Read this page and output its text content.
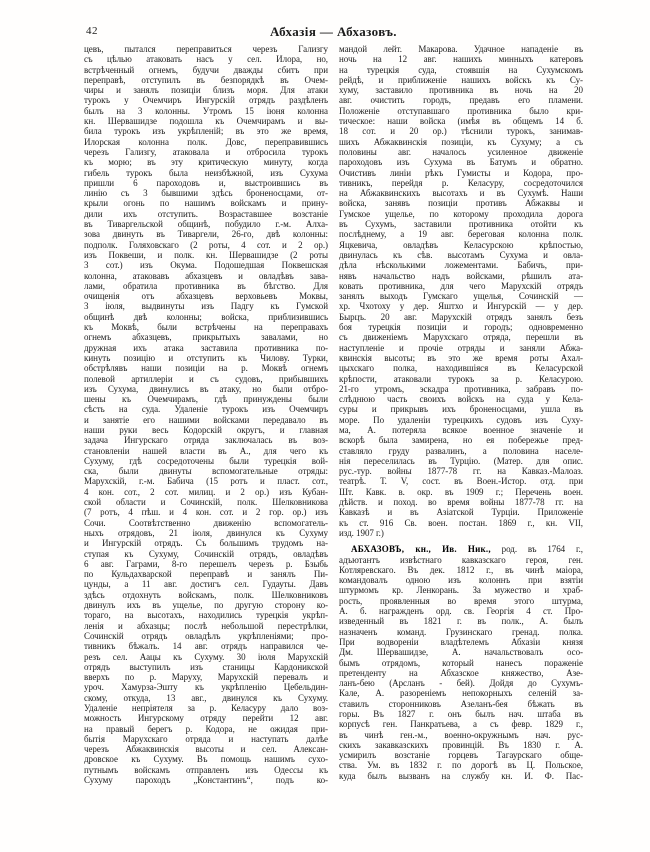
42	Абхазія — Абхазовъ.
цевъ, пытался переправиться черезъ Гализгу
съ цѣлью атаковать насъ у сел. Илора, но,
встрѣченный огнемъ, будучи дважды сбитъ при
переправѣ, отступилъ въ безпорядкѣ въ Очем-
чиры и занялъ позиціи близъ моря. Для атаки
турокъ у Очемчиръ Ингурскій отрядъ раздѣленъ
былъ на 3 колонны. Утромъ 15 іюня колонна
кн. Шервашидзе подошла къ Очемчирамъ и вы-
била турокъ изъ укрѣпленій; въ это же время,
Илорская колонна полк. Довс, переправившись
черезъ Гализгу, атаковала и отбросила турокъ
къ морю; въ эту критическую минуту, когда
гибель турокъ была неизбѣжной, изъ Сухума
пришли 6 пароходовъ и, выстроившись въ
линію съ 3 бывшими здѣсь броненосцами, от-
крыли огонь по нашимъ войскамъ и прину-
дили ихъ отступить. Возраставшее возстаніе
въ Тиваргельской общинѣ, побудило г.-м. Алха-
зова двинуть въ Тиваргели, 26-го, двѣ колонны:
подполк. Голяховскаго (2 роты, 4 сот. и 2 ор.)
изъ Поквеши, и полк. кн. Шервашидзе (2 роты
3 сот.) изъ Окума. Подошедшая Поквешская
колонна, атаковавъ абхазцевъ и овладѣвъ зава-
лами, обратила противника въ бѣгство. Для
очищенія отъ абхазцевъ верховьевъ Моквы,
3 іюля, выдвинуты изъ Падгу къ Гумской
общинѣ двѣ колонны; войска, приблизившись
къ Моквѣ, были встрѣчены на переправахъ
огнемъ абхазцевъ, прикрытыхъ завалами, но
дружная ихъ атака заставила противника по-
кинуть позицію и отступить къ Чилову. Турки,
обстрѣлявъ наши позиціи на р. Моквѣ огнемъ
полевой артиллеріи и съ судовъ, прибывшихъ
изъ Сухума, двинулись въ атаку, но были отбро-
шены къ Очемчирамъ, гдѣ принуждены были
сѣсть на суда. Удаленіе турокъ изъ Очемчиръ
и занятіе его нашими войсками передавало въ
наши руки весь Кодорскій округъ, и главная
задача Ингурскаго отряда заключалась въ воз-
становленіи нашей власти въ А., для чего къ
Сухуму, гдѣ сосредоточены были турецкія вой-
ска, были двинуты вспомогательные отряды:
Марухскій, г.-м. Бабича (15 ротъ и пласт. сот.,
4 кон. сот., 2 сот. милиц. и 2 ор.) изъ Кубан-
ской области и Сочинскій, полк. Шелковникова
(7 ротъ, 4 пѣш. и 4 кон. сот. и 2 гор. ор.) изъ
Сочи. Соотвѣтственно движенію вспомогатель-
ныхъ отрядовъ, 21 іюля, двинулся къ Сухуму
и Ингурскій отрядъ. Съ большимъ трудомъ на-
ступая къ Сухуму, Сочинскій отрядъ, овладѣвъ
6 авг. Гаграми, 8-го перешелъ черезъ р. Бзыбь
по Кульдахварской переправѣ и занялъ Пи-
цунды, а 11 авг. достигъ сел. Гудауты. Давъ
здѣсь отдохнуть войскамъ, полк. Шелковниковъ
двинулъ ихъ въ ущелье, по другую сторону ко-
тораго, на высотахъ, находились турецкія укрѣп-
ленія и абхазцы; послѣ небольшой перестрѣлки,
Сочинскій отрядъ овладѣлъ укрѣпленіями; про-
тивникъ бѣжалъ. 14 авг. отрядъ направился че-
резъ сел. Аацы къ Сухуму. 30 іюля Марухскій
отрядъ выступилъ изъ станицы Кардоникской
вверхъ по р. Маруху, Марухскій перевалъ и
уроч. Хамурза-Эшту къ укрѣпленію Цебельдин-
скому, откуда, 13 авг., двинулся къ Сухуму.
Удаленіе непріятеля за р. Келасуру дало воз-
можность Ингурскому отряду перейти 12 авг.
на правый берегъ р. Кодора, не ожидая при-
бытія Марухскаго отряда и наступать далѣе
черезъ Абжаквинскія высоты и сел. Алексан-
дровское къ Сухуму. Въ помощь нашимъ сухо-
путнымъ войскамъ отправленъ изъ Одессы къ
Сухуму пароходъ „Константинъ“, подъ ко-
мандой лейт. Макарова. Удачное нападеніе въ
ночь на 12 авг. нашихъ минныхъ катеровъ
на турецкія суда, стоявшія на Сухумскомъ
рейдѣ, и приближеніе нашихъ войскъ къ Су-
хуму, заставило противника въ ночь на 20
авг. очистить городъ, предавъ его пламени.
Положеніе отступавшаго противника было кри-
тическое: наши войска (имѣя въ общемъ 14 б.
18 сот. и 20 ор.) тѣснили турокъ, занимав-
шихъ Абжаквинскія позиціи, къ Сухуму; а съ
половины авг. началось усиленное движеніе
пароходовъ изъ Сухума въ Батумъ и обратно.
Очистивъ линіи рѣкъ Гумисты и Кодора, про-
тивникъ, перейдя р. Келасуру, сосредоточился
на Абжаквинскихъ высотахъ и въ Сухумѣ. Наши
войска, занявъ позиціи противъ Абжаквы и
Гумское ущелье, по которому проходила дорога
въ Сухумъ, заставили противника отойти къ
послѣднему, а 19 авг. береговая колонна полк.
Яцкевича, овладѣвъ Келасурскою крѣпостью,
двинулась къ сѣв. высотамъ Сухума и овла-
дѣла нѣсколькими ложементами. Бабичъ, при-
нявъ начальство надъ войсками, рѣшилъ ата-
ковать противника, для чего Марухскій отрядъ
занялъ выходъ Гумскаго ущелья, Сочинскій —
хр. Чхотоху у дер. Яштхо и Ингурскій — у дер.
Бырцъ. 20 авг. Марухскій отрядъ занялъ безъ
боя турецкія позиціи и городъ; одновременно
съ движеніемъ Марухскаго отряда, перешли въ
наступленіе и прочіе отряды и заняли Абжа-
квинскія высоты; въ это же время роты Ахал-
цыхскаго полка, находившіяся въ Келасурской
крѣпости, атаковали турокъ за р. Келасурою.
21-го утромъ, эскадра противника, забравъ по-
слѣднюю часть своихъ войскъ на суда у Кела-
суры и прикрывъ ихъ броненосцами, ушла въ
море. По удаленіи турецкихъ судовъ изъ Суху-
ма, А. потеряла всякое военное значеніе и
вскорѣ была замирена, но ея побережье пред-
ставляло груду развалинъ, а половина населе-
нія переселилась въ Турцію. (Матер. для опис.
рус.-тур. войны 1877-78 гг. на Кавказ.-Малоаз.
театрѣ. Т. V, сост. въ Воен.-Истор. отд. при
Шт. Кавк. в. окр. въ 1909 г.; Перечень воен.
дѣйств. и поход. во время войны 1877-78 гг. на
Кавказѣ и въ Азіатской Турціи. Приложеніе
къ ст. 916 Св. воен. постан. 1869 г., кн. VII,
изд. 1907 г.)
АБХАЗОВЪ, кн., Ив. Ник., род. въ 1764 г.,
адъютантъ извѣстнаго кавказскаго героя, ген.
Котляревскаго. Въ дек. 1812 г., въ чинѣ маіора,
командовалъ одною изъ колоннъ при взятіи
штурмомъ кр. Ленкорань. За мужество и храб-
рость, проявленныя во время этого штурма,
А. б. награжденъ орд. св. Георгія 4 ст. Про-
изведенный въ 1821 г. въ полк., А. былъ
назначенъ команд. Грузинскаго гренад. полка.
При водвореніи владѣтелемъ Абхазіи князя
Дм. Шервашидзе, А. начальствовалъ осо-
бымъ отрядомъ, который нанесъ пораженіе
претенденту на Абхазское княжество, Азе-
ланъ-бею (Арсланъ - бей). Дойдя до Сухумъ-
Кале, А. разореніемъ непокорныхъ селеній за-
ставилъ сторонниковъ Азеланъ-бея бѣжать въ
горы. Въ 1827 г. онъ былъ нач. штаба въ
корпусѣ ген. Панкратьева, а съ февр. 1829 г.,
въ чинѣ ген.-м., военно-окружнымъ нач. рус-
скихъ закавказскихъ провинцій. Въ 1830 г. А.
усмирилъ возстаніе горцевъ Тагаурскаго обще-
ства. Ум. въ 1832 г. по дорогѣ въ Ц. Польское,
куда былъ вызванъ на службу кн. И. Ф. Пас-
